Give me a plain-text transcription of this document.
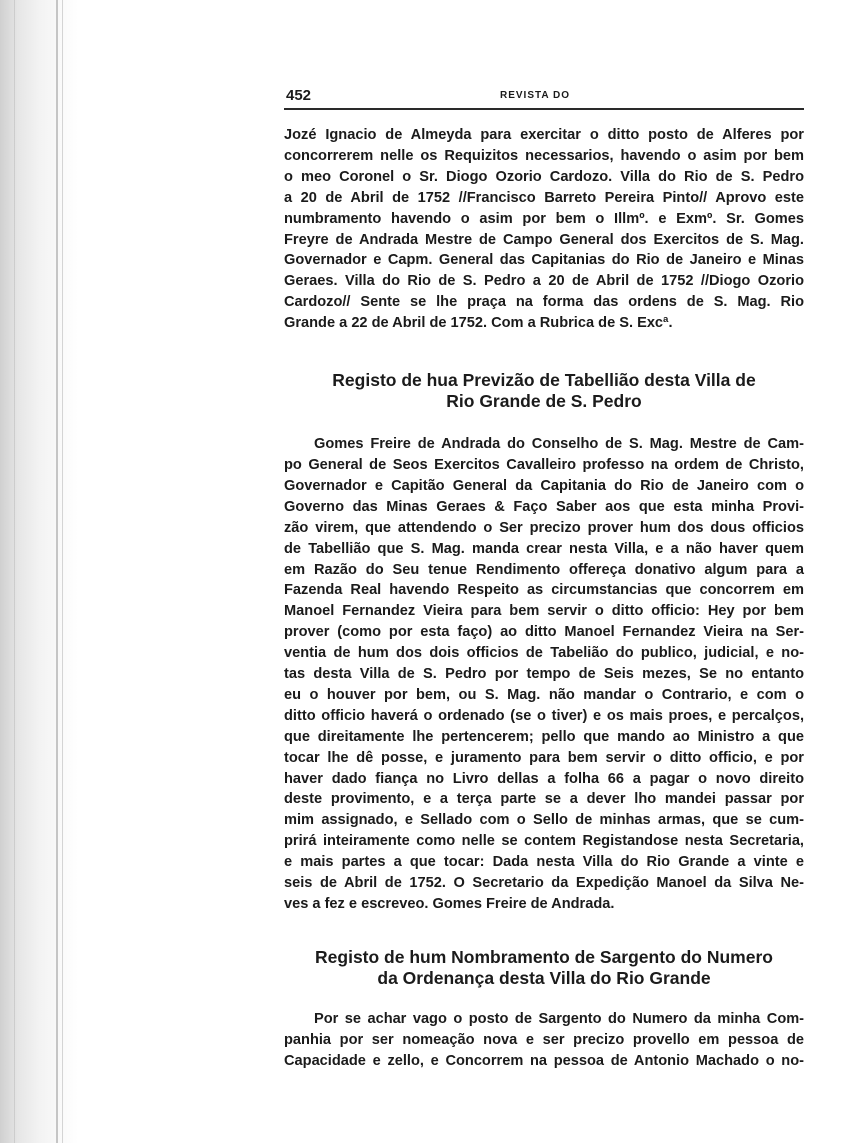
452	REVISTA DO

Jozé Ignacio de Almeyda para exercitar o ditto posto de Alferes por
concorrerem nelle os Requizitos necessarios, havendo o asim por bem
o meo Coronel o Sr. Diogo Ozorio Cardozo. Villa do Rio de S. Pedro
a 20 de Abril de 1752 //Francisco Barreto Pereira Pinto// Aprovo este
numbramento havendo o asim por bem o Illmº. e Exmº. Sr. Gomes
Freyre de Andrada Mestre de Campo General dos Exercitos de S. Mag.
Governador e Capm. General das Capitanias do Rio de Janeiro e Minas
Geraes. Villa do Rio de S. Pedro a 20 de Abril de 1752 //Diogo Ozorio
Cardozo// Sente se lhe praça na forma das ordens de S. Mag. Rio
Grande a 22 de Abril de 1752. Com a Rubrica de S. Excª.

Registo de hua Previzão de Tabellião desta Villa de
Rio Grande de S. Pedro

Gomes Freire de Andrada do Conselho de S. Mag. Mestre de Cam-
po General de Seos Exercitos Cavalleiro professo na ordem de Christo,
Governador e Capitão General da Capitania do Rio de Janeiro com o
Governo das Minas Geraes & Faço Saber aos que esta minha Provi-
zão virem, que attendendo o Ser precizo prover hum dos dous officios
de Tabellião que S. Mag. manda crear nesta Villa, e a não haver quem
em Razão do Seu tenue Rendimento offereça donativo algum para a
Fazenda Real havendo Respeito as circumstancias que concorrem em
Manoel Fernandez Vieira para bem servir o ditto officio: Hey por bem
prover (como por esta faço) ao ditto Manoel Fernandez Vieira na Ser-
ventia de hum dos dois officios de Tabelião do publico, judicial, e no-
tas desta Villa de S. Pedro por tempo de Seis mezes, Se no entanto
eu o houver por bem, ou S. Mag. não mandar o Contrario, e com o
ditto officio haverá o ordenado (se o tiver) e os mais proes, e percalços,
que direitamente lhe pertencerem; pello que mando ao Ministro a que
tocar lhe dê posse, e juramento para bem servir o ditto officio, e por
haver dado fiança no Livro dellas a folha 66 a pagar o novo direito
deste provimento, e a terça parte se a dever lho mandei passar por
mim assignado, e Sellado com o Sello de minhas armas, que se cum-
prirá inteiramente como nelle se contem Registandose nesta Secretaria,
e mais partes a que tocar: Dada nesta Villa do Rio Grande a vinte e
seis de Abril de 1752. O Secretario da Expedição Manoel da Silva Ne-
ves a fez e escreveo. Gomes Freire de Andrada.

Registo de hum Nombramento de Sargento do Numero
da Ordenança desta Villa do Rio Grande

Por se achar vago o posto de Sargento do Numero da minha Com-
panhia por ser nomeação nova e ser precizo provello em pessoa de
Capacidade e zello, e Concorrem na pessoa de Antonio Machado o no-
